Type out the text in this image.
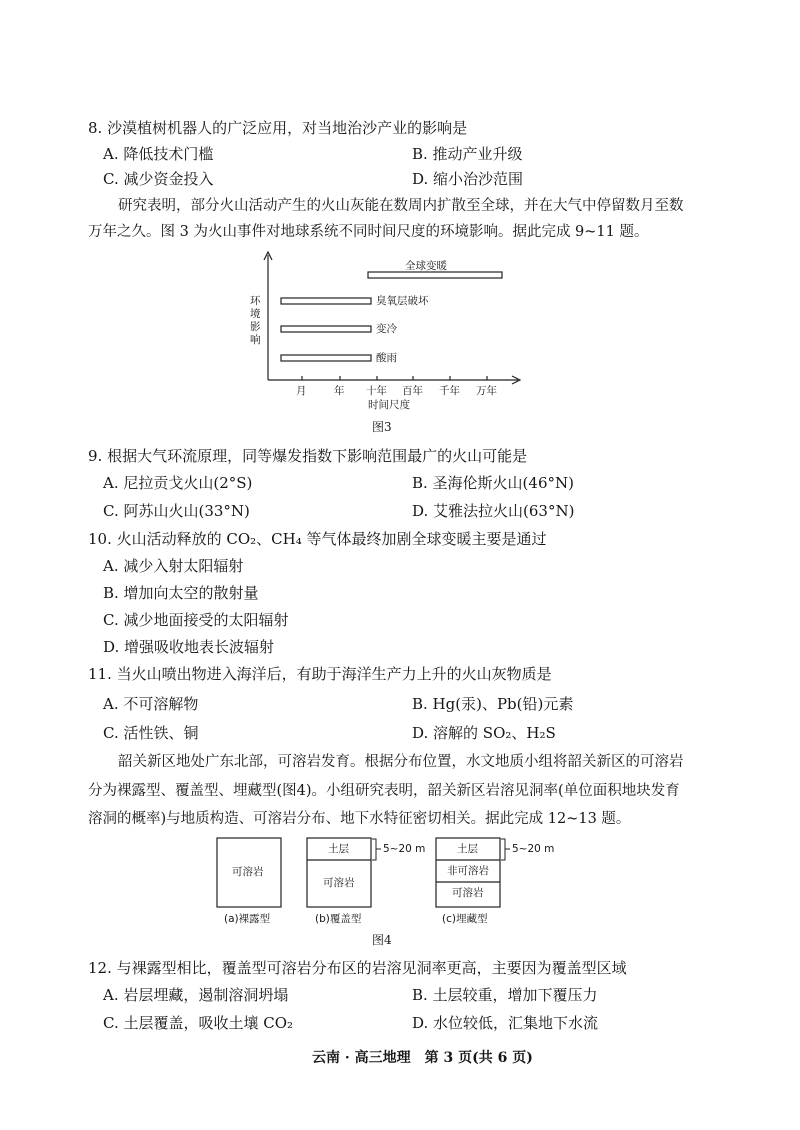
8. 沙漠植树机器人的广泛应用，对当地治沙产业的影响是
A. 降低技术门槛	B. 推动产业升级
C. 减少资金投入	D. 缩小治沙范围
研究表明，部分火山活动产生的火山灰能在数周内扩散至全球，并在大气中停留数月至数
万年之久。图 3 为火山事件对地球系统不同时间尺度的环境影响。据此完成 9~11 题。
环境影响
全球变暖
臭氧层破坏
变冷
酸雨
月	年 十年 百年 千年 万年
时间尺度
图3
9. 根据大气环流原理，同等爆发指数下影响范围最广的火山可能是
A. 尼拉贡戈火山(2°S)	B. 圣海伦斯火山(46°N)
C. 阿苏山火山(33°N)	D. 艾雅法拉火山(63°N)
10. 火山活动释放的 CO₂、CH₄ 等气体最终加剧全球变暖主要是通过
A. 减少入射太阳辐射
B. 增加向太空的散射量
C. 减少地面接受的太阳辐射
D. 增强吸收地表长波辐射
11. 当火山喷出物进入海洋后，有助于海洋生产力上升的火山灰物质是
A. 不可溶解物	B. Hg(汞)、Pb(铅)元素
C. 活性铁、铜	D. 溶解的 SO₂、H₂S
韶关新区地处广东北部，可溶岩发育。根据分布位置，水文地质小组将韶关新区的可溶岩
分为裸露型、覆盖型、埋藏型(图4)。小组研究表明，韶关新区岩溶见洞率(单位面积地块发育
溶洞的概率)与地质构造、可溶岩分布、地下水特征密切相关。据此完成 12~13 题。
可溶岩
土层
可溶岩
5~20 m	土层
非可溶岩
可溶岩
5~20 m
(a)裸露型	(b)覆盖型	(c)埋藏型
图4
12. 与裸露型相比，覆盖型可溶岩分布区的岩溶见洞率更高，主要因为覆盖型区域
A. 岩层埋藏，遏制溶洞坍塌	B. 土层较重，增加下覆压力
C. 土层覆盖，吸收土壤 CO₂	D. 水位较低，汇集地下水流
云南 · 高三地理　第 3 页(共 6 页)
